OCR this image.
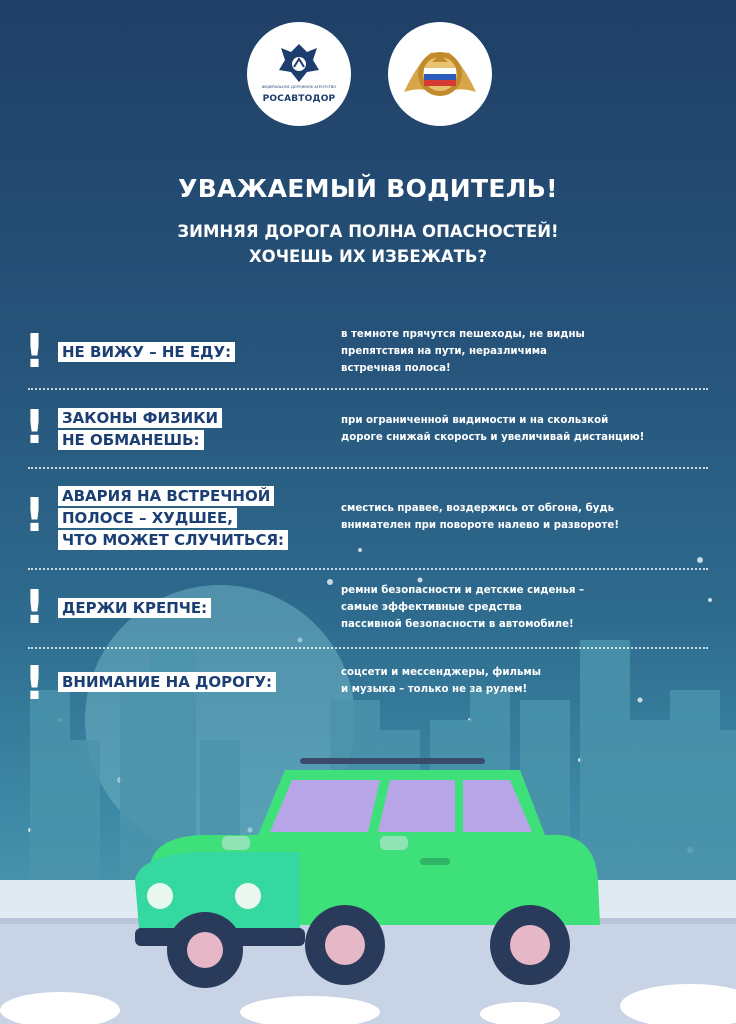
ФЕДЕРАЛЬНОЕ ДОРОЖНОЕ АГЕНТСТВО
РОСАВТОДОР
УВАЖАЕМЫЙ ВОДИТЕЛЬ!

ЗИМНЯЯ ДОРОГА ПОЛНА ОПАСНОСТЕЙ!

ХОЧЕШЬ ИХ ИЗБЕЖАТЬ?

! НЕ ВИЖУ – НЕ ЕДУ:

в темноте прячутся пешеходы, не видны
препятствия на пути, неразличима
встречная полоса!

! ЗАКОНЫ ФИЗИКИ
НЕ ОБМАНЕШЬ:

при ограниченной видимости и на скользкой
дороге снижай скорость и увеличивай дистанцию!

! АВАРИЯ НА ВСТРЕЧНОЙ
ПОЛОСЕ – ХУДШЕЕ,
ЧТО МОЖЕТ СЛУЧИТЬСЯ:

сместись правее, воздержись от обгона, будь
внимателен при повороте налево и развороте!

! ДЕРЖИ КРЕПЧЕ:

ремни безопасности и детские сиденья –
самые эффективные средства
пассивной безопасности в автомобиле!

! ВНИМАНИЕ НА ДОРОГУ:

соцсети и мессенджеры, фильмы
и музыка – только не за рулем!
